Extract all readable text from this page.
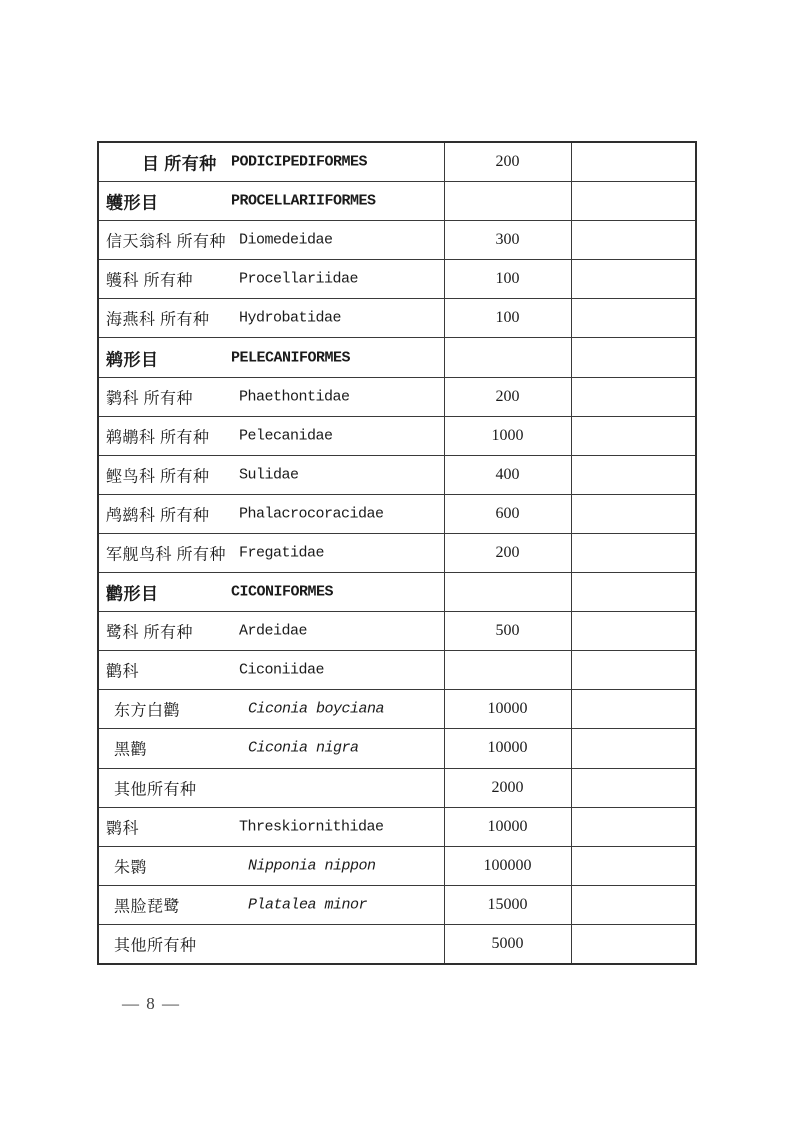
目 所有种 PODICIPEDIFORMES	200	

鹱形目 PROCELLARIIFORMES		

信天翁科 所有种 Diomedeidae	300	

鹱科 所有种 Procellariidae	100	

海燕科 所有种 Hydrobatidae	100	

鹈形目 PELECANIFORMES		

鹲科 所有种 Phaethontidae	200	

鹈鹕科 所有种 Pelecanidae	1000	

鲣鸟科 所有种 Sulidae	400	

鸬鹚科 所有种 Phalacrocoracidae	600	

军舰鸟科 所有种 Fregatidae	200	

鹳形目 CICONIFORMES		

鹭科 所有种 Ardeidae	500	

鹳科 Ciconiidae		

东方白鹳 Ciconia boyciana	10000	

黑鹳 Ciconia nigra	10000	

其他所有种	2000	

鹮科 Threskiornithidae	10000	

朱鹮 Nipponia nippon	100000	

黑脸琵鹭 Platalea minor	15000	

其他所有种	5000	
— 8 —
